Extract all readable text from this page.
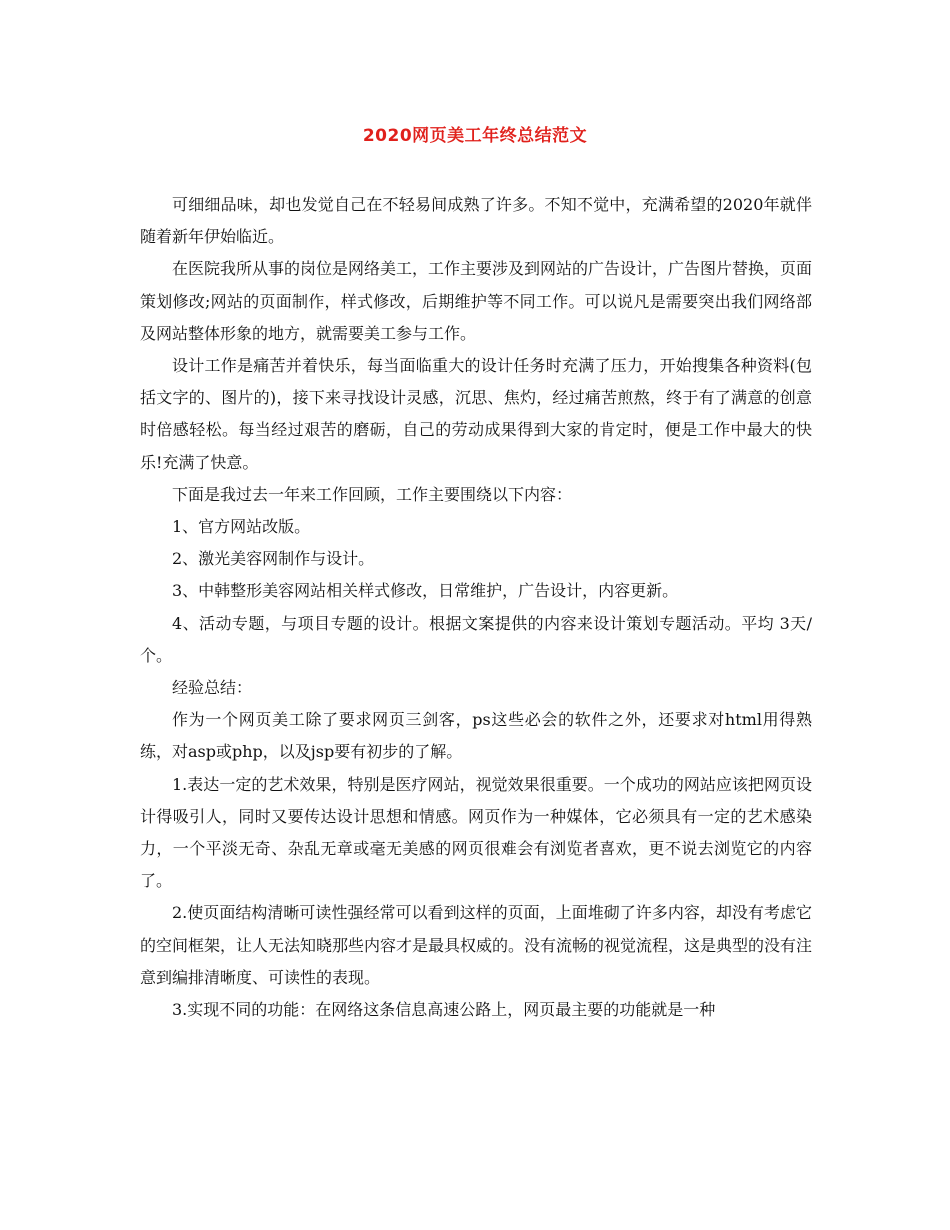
2020网页美工年终总结范文

可细细品味，却也发觉自己在不轻易间成熟了许多。不知不觉中，充满希望的2020年就伴随着新年伊始临近。

在医院我所从事的岗位是网络美工，工作主要涉及到网站的广告设计，广告图片替换，页面策划修改;网站的页面制作，样式修改，后期维护等不同工作。可以说凡是需要突出我们网络部及网站整体形象的地方，就需要美工参与工作。

设计工作是痛苦并着快乐，每当面临重大的设计任务时充满了压力，开始搜集各种资料(包括文字的、图片的)，接下来寻找设计灵感，沉思、焦灼，经过痛苦煎熬，终于有了满意的创意时倍感轻松。每当经过艰苦的磨砺，自己的劳动成果得到大家的肯定时，便是工作中最大的快乐!充满了快意。

下面是我过去一年来工作回顾，工作主要围绕以下内容：

1、官方网站改版。

2、激光美容网制作与设计。

3、中韩整形美容网站相关样式修改，日常维护，广告设计，内容更新。

4、活动专题，与项目专题的设计。根据文案提供的内容来设计策划专题活动。平均 3天/个。

经验总结：

作为一个网页美工除了要求网页三剑客，ps这些必会的软件之外，还要求对html用得熟练，对asp或php，以及jsp要有初步的了解。

1.表达一定的艺术效果，特别是医疗网站，视觉效果很重要。一个成功的网站应该把网页设计得吸引人，同时又要传达设计思想和情感。网页作为一种媒体，它必须具有一定的艺术感染力，一个平淡无奇、杂乱无章或毫无美感的网页很难会有浏览者喜欢，更不说去浏览它的内容了。

2.使页面结构清晰可读性强经常可以看到这样的页面，上面堆砌了许多内容，却没有考虑它的空间框架，让人无法知晓那些内容才是最具权威的。没有流畅的视觉流程，这是典型的没有注意到编排清晰度、可读性的表现。

3.实现不同的功能：在网络这条信息高速公路上，网页最主要的功能就是一种
